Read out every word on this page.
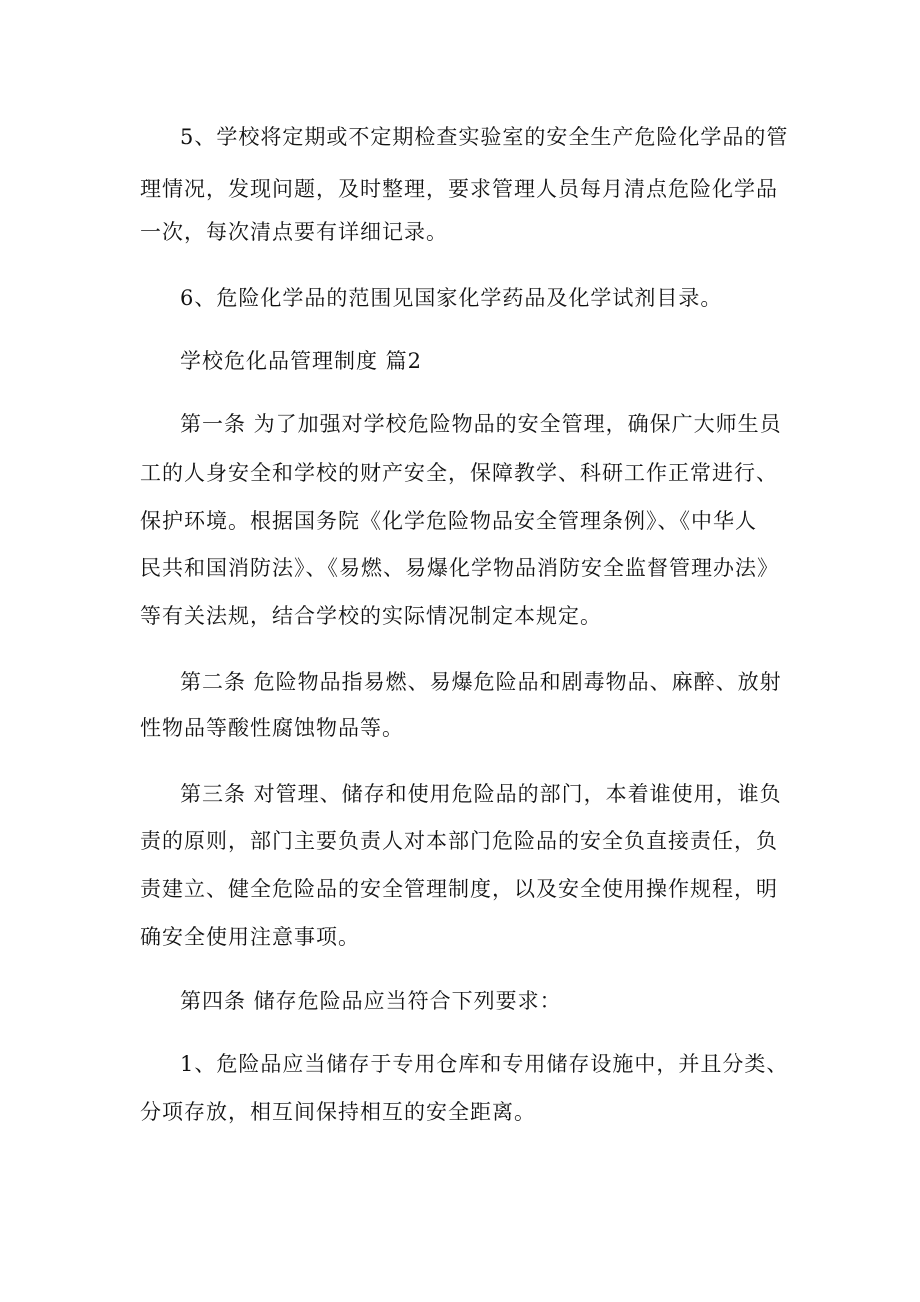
5、学校将定期或不定期检查实验室的安全生产危险化学品的管
理情况，发现问题，及时整理，要求管理人员每月清点危险化学品
一次，每次清点要有详细记录。
6、危险化学品的范围见国家化学药品及化学试剂目录。
学校危化品管理制度 篇2
第一条 为了加强对学校危险物品的安全管理，确保广大师生员
工的人身安全和学校的财产安全，保障教学、科研工作正常进行、
保护环境。根据国务院《化学危险物品安全管理条例》、《中华人
民共和国消防法》、《易燃、易爆化学物品消防安全监督管理办法》
等有关法规，结合学校的实际情况制定本规定。
第二条 危险物品指易燃、易爆危险品和剧毒物品、麻醉、放射
性物品等酸性腐蚀物品等。
第三条 对管理、储存和使用危险品的部门，本着谁使用，谁负
责的原则，部门主要负责人对本部门危险品的安全负直接责任，负
责建立、健全危险品的安全管理制度，以及安全使用操作规程，明
确安全使用注意事项。
第四条 储存危险品应当符合下列要求：
1、危险品应当储存于专用仓库和专用储存设施中，并且分类、
分项存放，相互间保持相互的安全距离。
